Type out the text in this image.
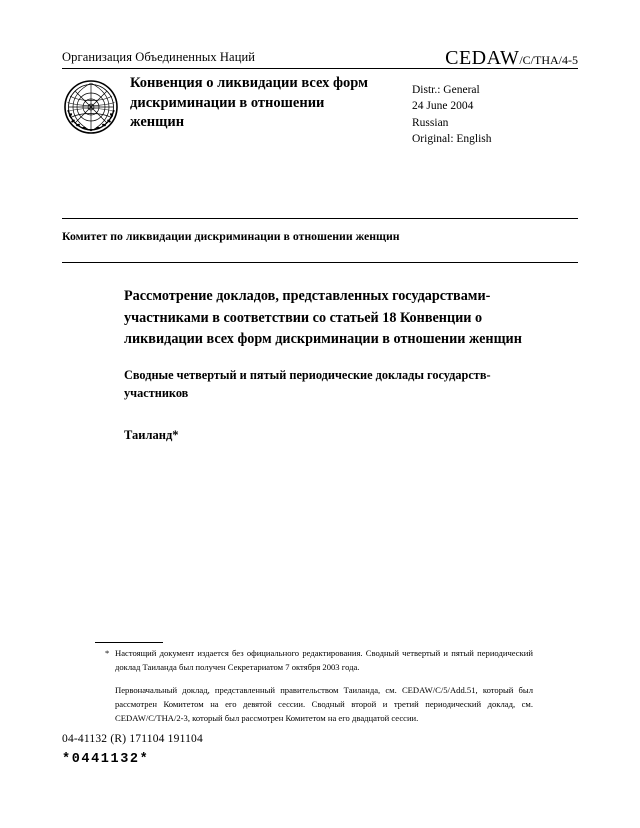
Организация Объединенных Наций	CEDAW/C/THA/4-5
Конвенция о ликвидации всех форм дискриминации в отношении женщин
Distr.: General
24 June 2004
Russian
Original: English
Комитет по ликвидации дискриминации в отношении женщин
Рассмотрение докладов, представленных государствами-участниками в соответствии со статьей 18 Конвенции о ликвидации всех форм дискриминации в отношении женщин
Сводные четвертый и пятый периодические доклады государств-участников
Таиланд*
* Настоящий документ издается без официального редактирования. Сводный четвертый и пятый периодический доклад Таиланда был получен Секретариатом 7 октября 2003 года.
Первоначальный доклад, представленный правительством Таиланда, см. CEDAW/C/5/Add.51, который был рассмотрен Комитетом на его девятой сессии. Сводный второй и третий периодический доклад, см. CEDAW/C/THA/2-3, который был рассмотрен Комитетом на его двадцатой сессии.
04-41132 (R) 171104 191104
*0441132*
